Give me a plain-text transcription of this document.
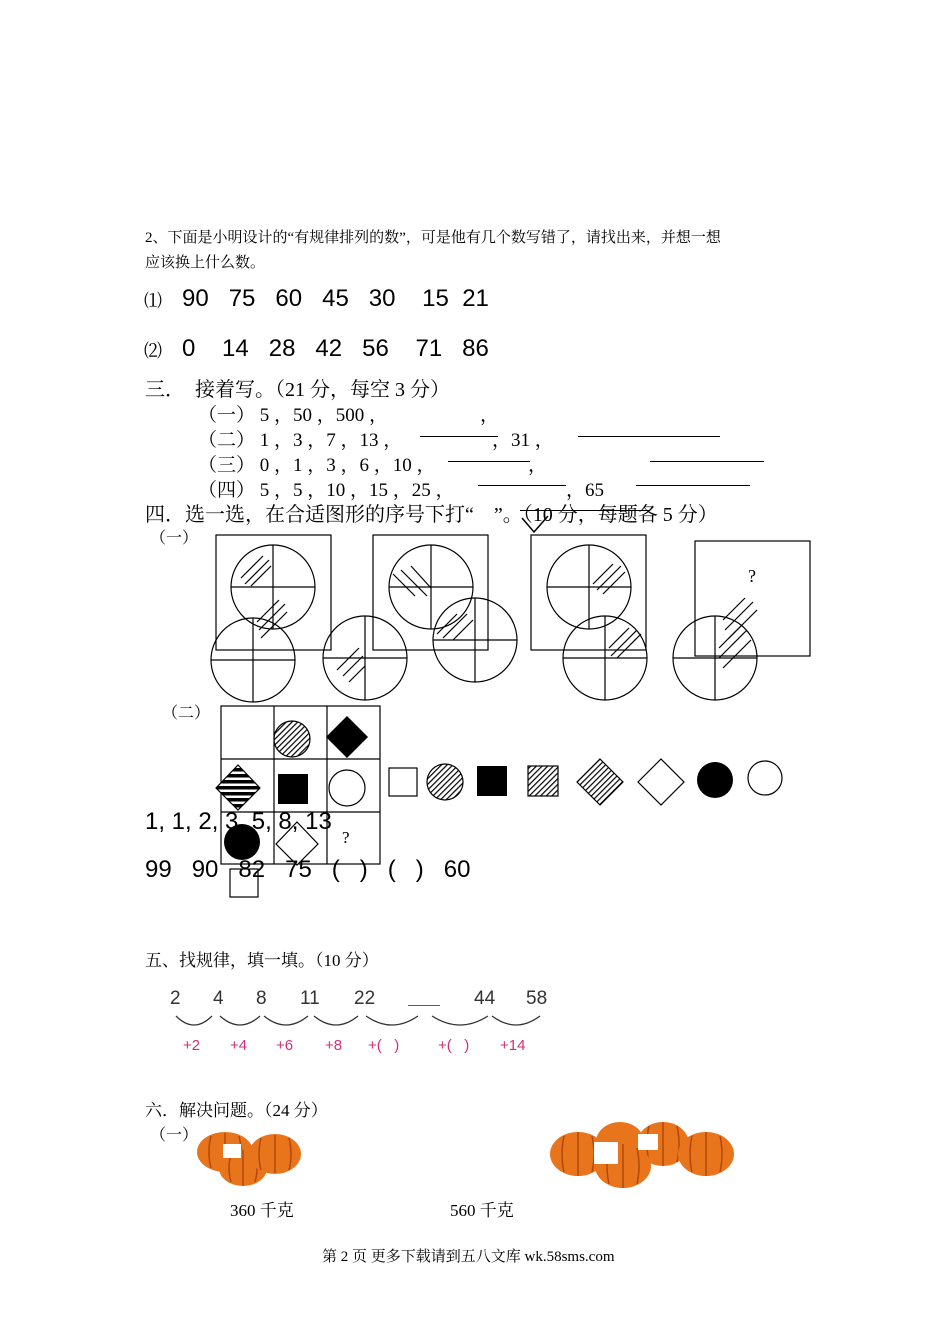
2、下面是小明设计的“有规律排列的数”，可是他有几个数写错了，请找出来，并想一想
应该换上什么数。
⑴ 90   75   60   45   30    15  21
⑵ 0    14   28   42   56    71   86
三．  接着写。（21 分，每空 3 分）
（一） 5 ，50 ，500 ，	，
（二） 1 ，3 ，7 ，13 ，	，31 ，
（三） 0 ，1 ，3 ，6 ，10 ，	，
（四） 5 ，5 ，10 ，15 ，25 ，	，65
四．选一选，在合适图形的序号下打“    ”。（10 分，每题各 5 分）
（一）
?
（二）
?
1, 1, 2, 3, 5, 8, 13
99   90   82   75   (   )   (   )   60
五、找规律，填一填。（10 分）
2 4 8 11 22	44 58
+2 +4 +6 +8 +(   )	+(   ) +14
六．解决问题。（24 分）
（一）
360 千克	560 千克
第 2 页 更多下载请到五八文库 wk.58sms.com
